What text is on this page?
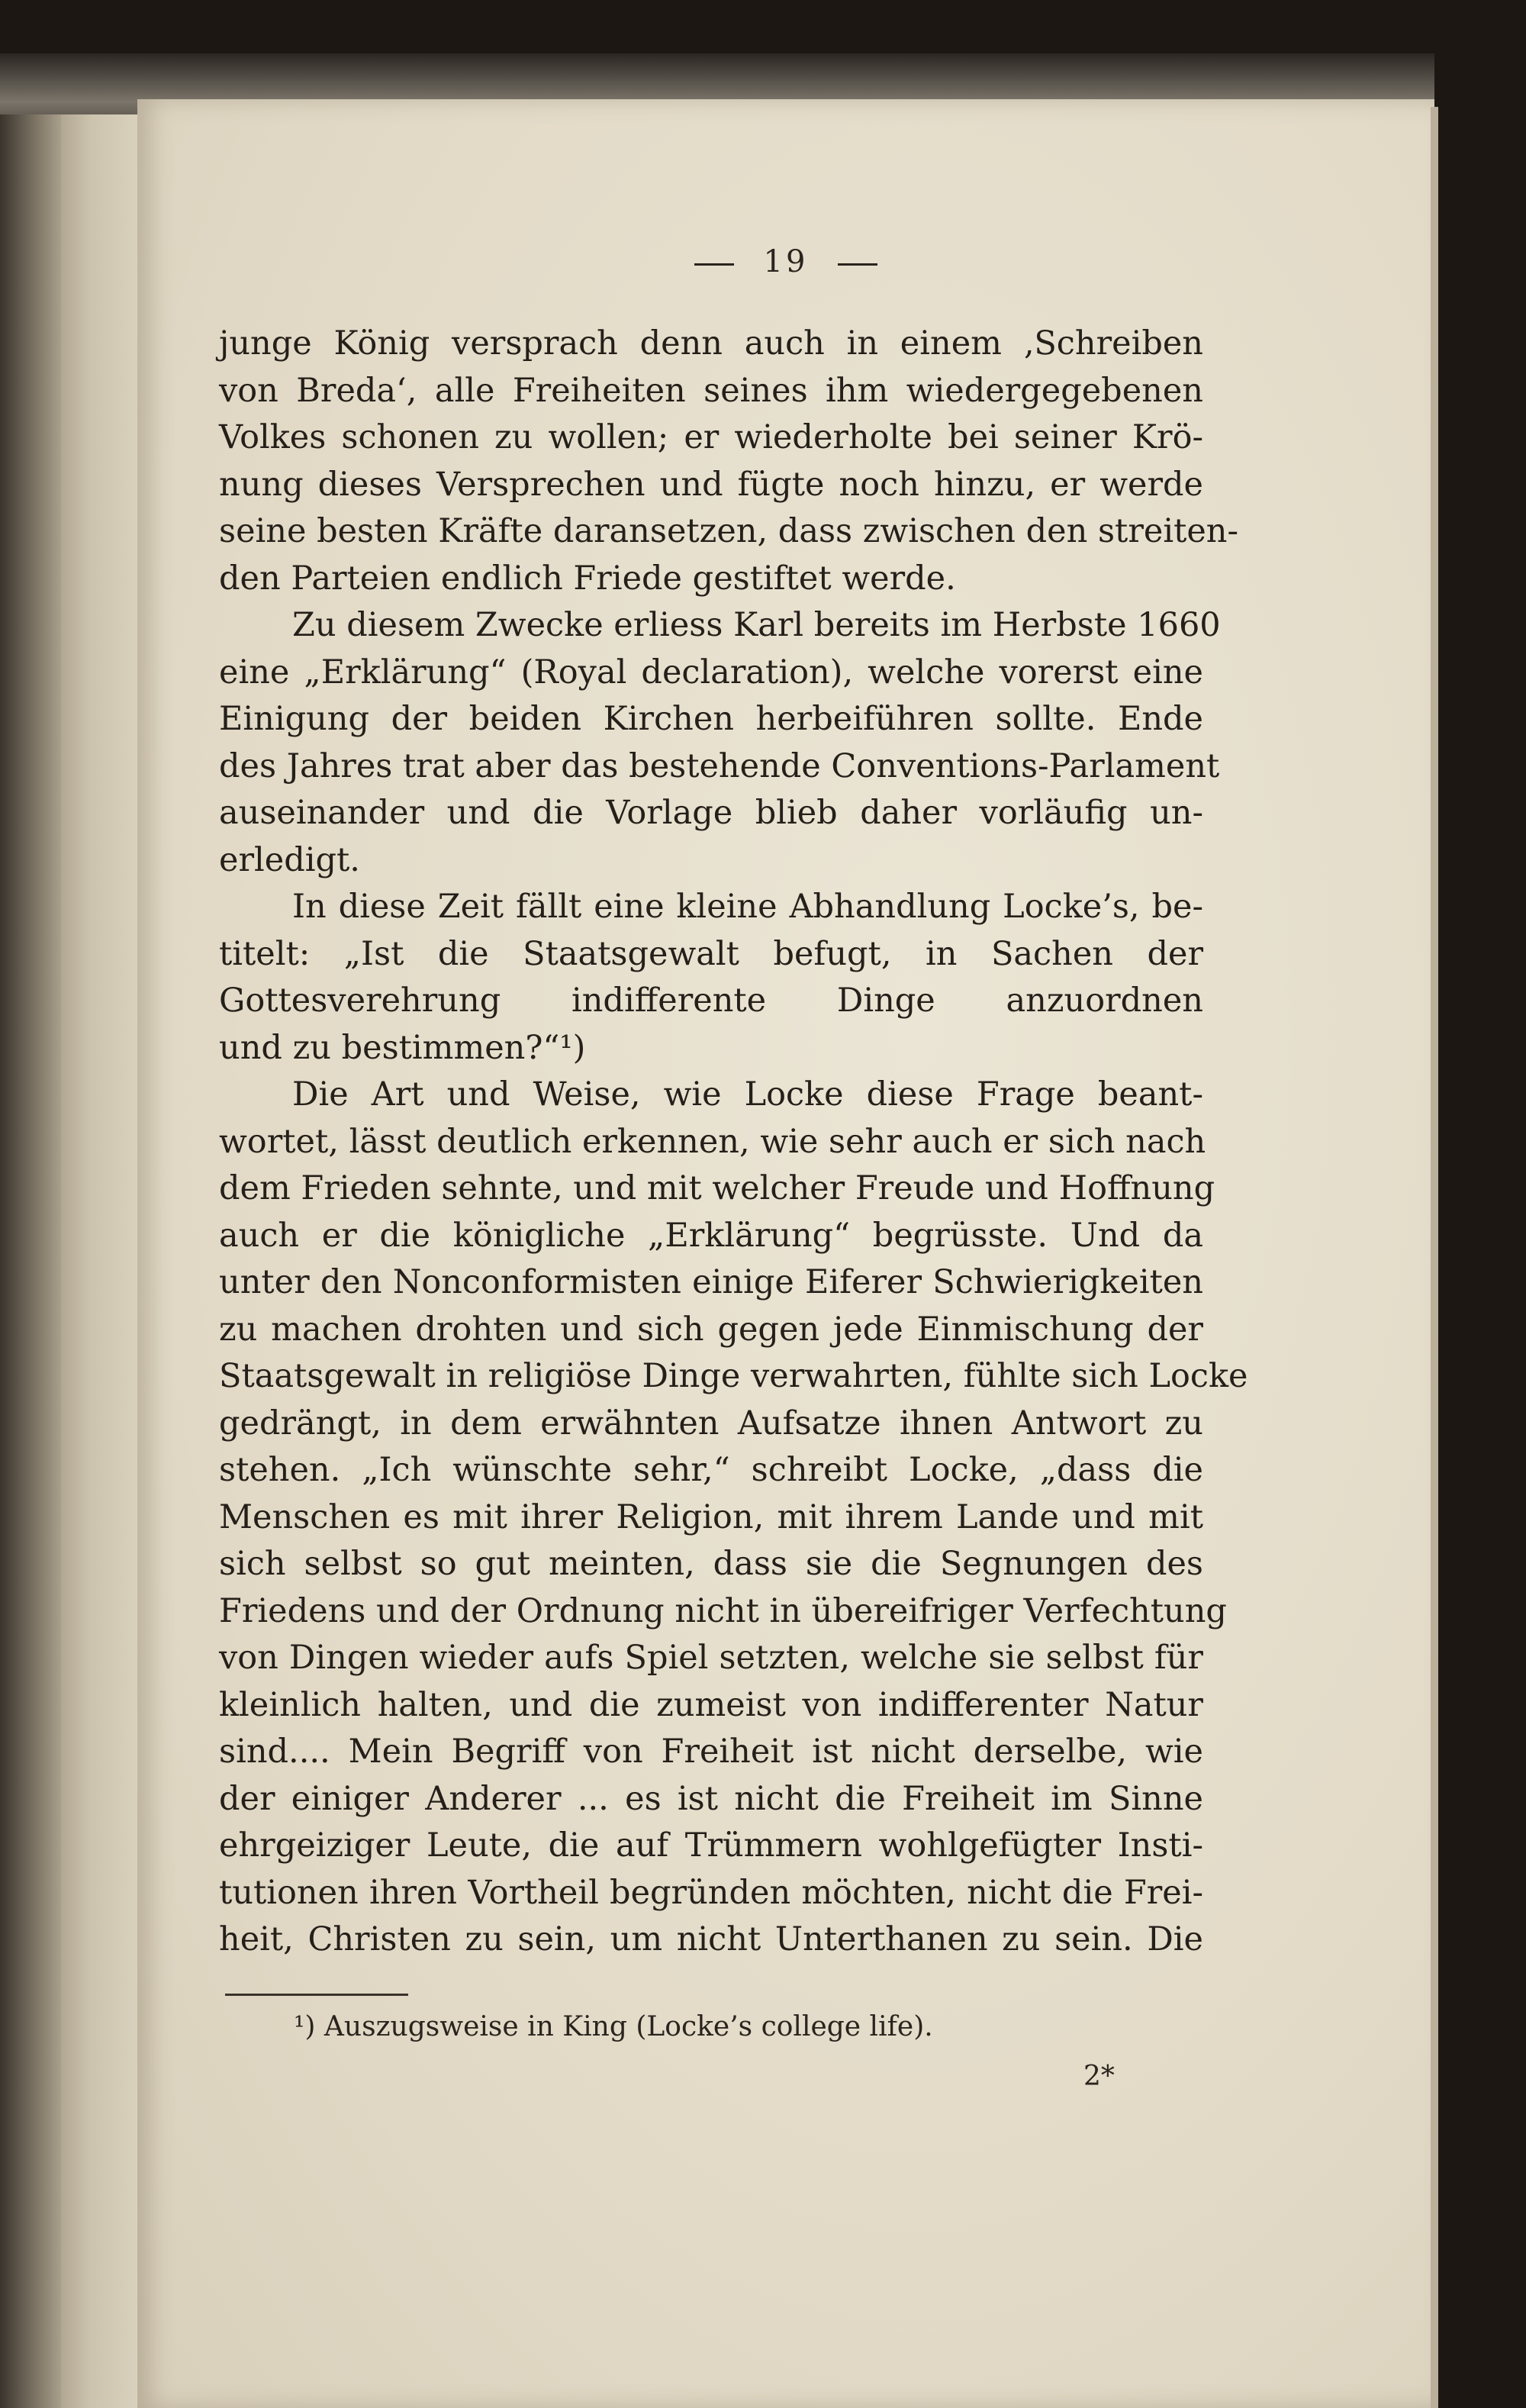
19
junge König versprach denn auch in einem ‚Schreiben
von Breda‘, alle Freiheiten seines ihm wiedergegebenen
Volkes schonen zu wollen; er wiederholte bei seiner Krö-
nung dieses Versprechen und fügte noch hinzu, er werde
seine besten Kräfte daransetzen, dass zwischen den streiten-
den Parteien endlich Friede gestiftet werde.
Zu diesem Zwecke erliess Karl bereits im Herbste 1660
eine „Erklärung“ (Royal declaration), welche vorerst eine
Einigung der beiden Kirchen herbeiführen sollte. Ende
des Jahres trat aber das bestehende Conventions-Parlament
auseinander und die Vorlage blieb daher vorläufig un-
erledigt.
In diese Zeit fällt eine kleine Abhandlung Locke’s, be-
titelt: „Ist die Staatsgewalt befugt, in Sachen der
Gottesverehrung indifferente Dinge anzuordnen
und zu bestimmen?“¹)
Die Art und Weise, wie Locke diese Frage beant-
wortet, lässt deutlich erkennen, wie sehr auch er sich nach
dem Frieden sehnte, und mit welcher Freude und Hoffnung
auch er die königliche „Erklärung“ begrüsste. Und da
unter den Nonconformisten einige Eiferer Schwierigkeiten
zu machen drohten und sich gegen jede Einmischung der
Staatsgewalt in religiöse Dinge verwahrten, fühlte sich Locke
gedrängt, in dem erwähnten Aufsatze ihnen Antwort zu
stehen. „Ich wünschte sehr,“ schreibt Locke, „dass die
Menschen es mit ihrer Religion, mit ihrem Lande und mit
sich selbst so gut meinten, dass sie die Segnungen des
Friedens und der Ordnung nicht in übereifriger Verfechtung
von Dingen wieder aufs Spiel setzten, welche sie selbst für
kleinlich halten, und die zumeist von indifferenter Natur
sind.... Mein Begriff von Freiheit ist nicht derselbe, wie
der einiger Anderer ... es ist nicht die Freiheit im Sinne
ehrgeiziger Leute, die auf Trümmern wohlgefügter Insti-
tutionen ihren Vortheil begründen möchten, nicht die Frei-
heit, Christen zu sein, um nicht Unterthanen zu sein. Die
¹) Auszugsweise in King (Locke’s college life).
2*
